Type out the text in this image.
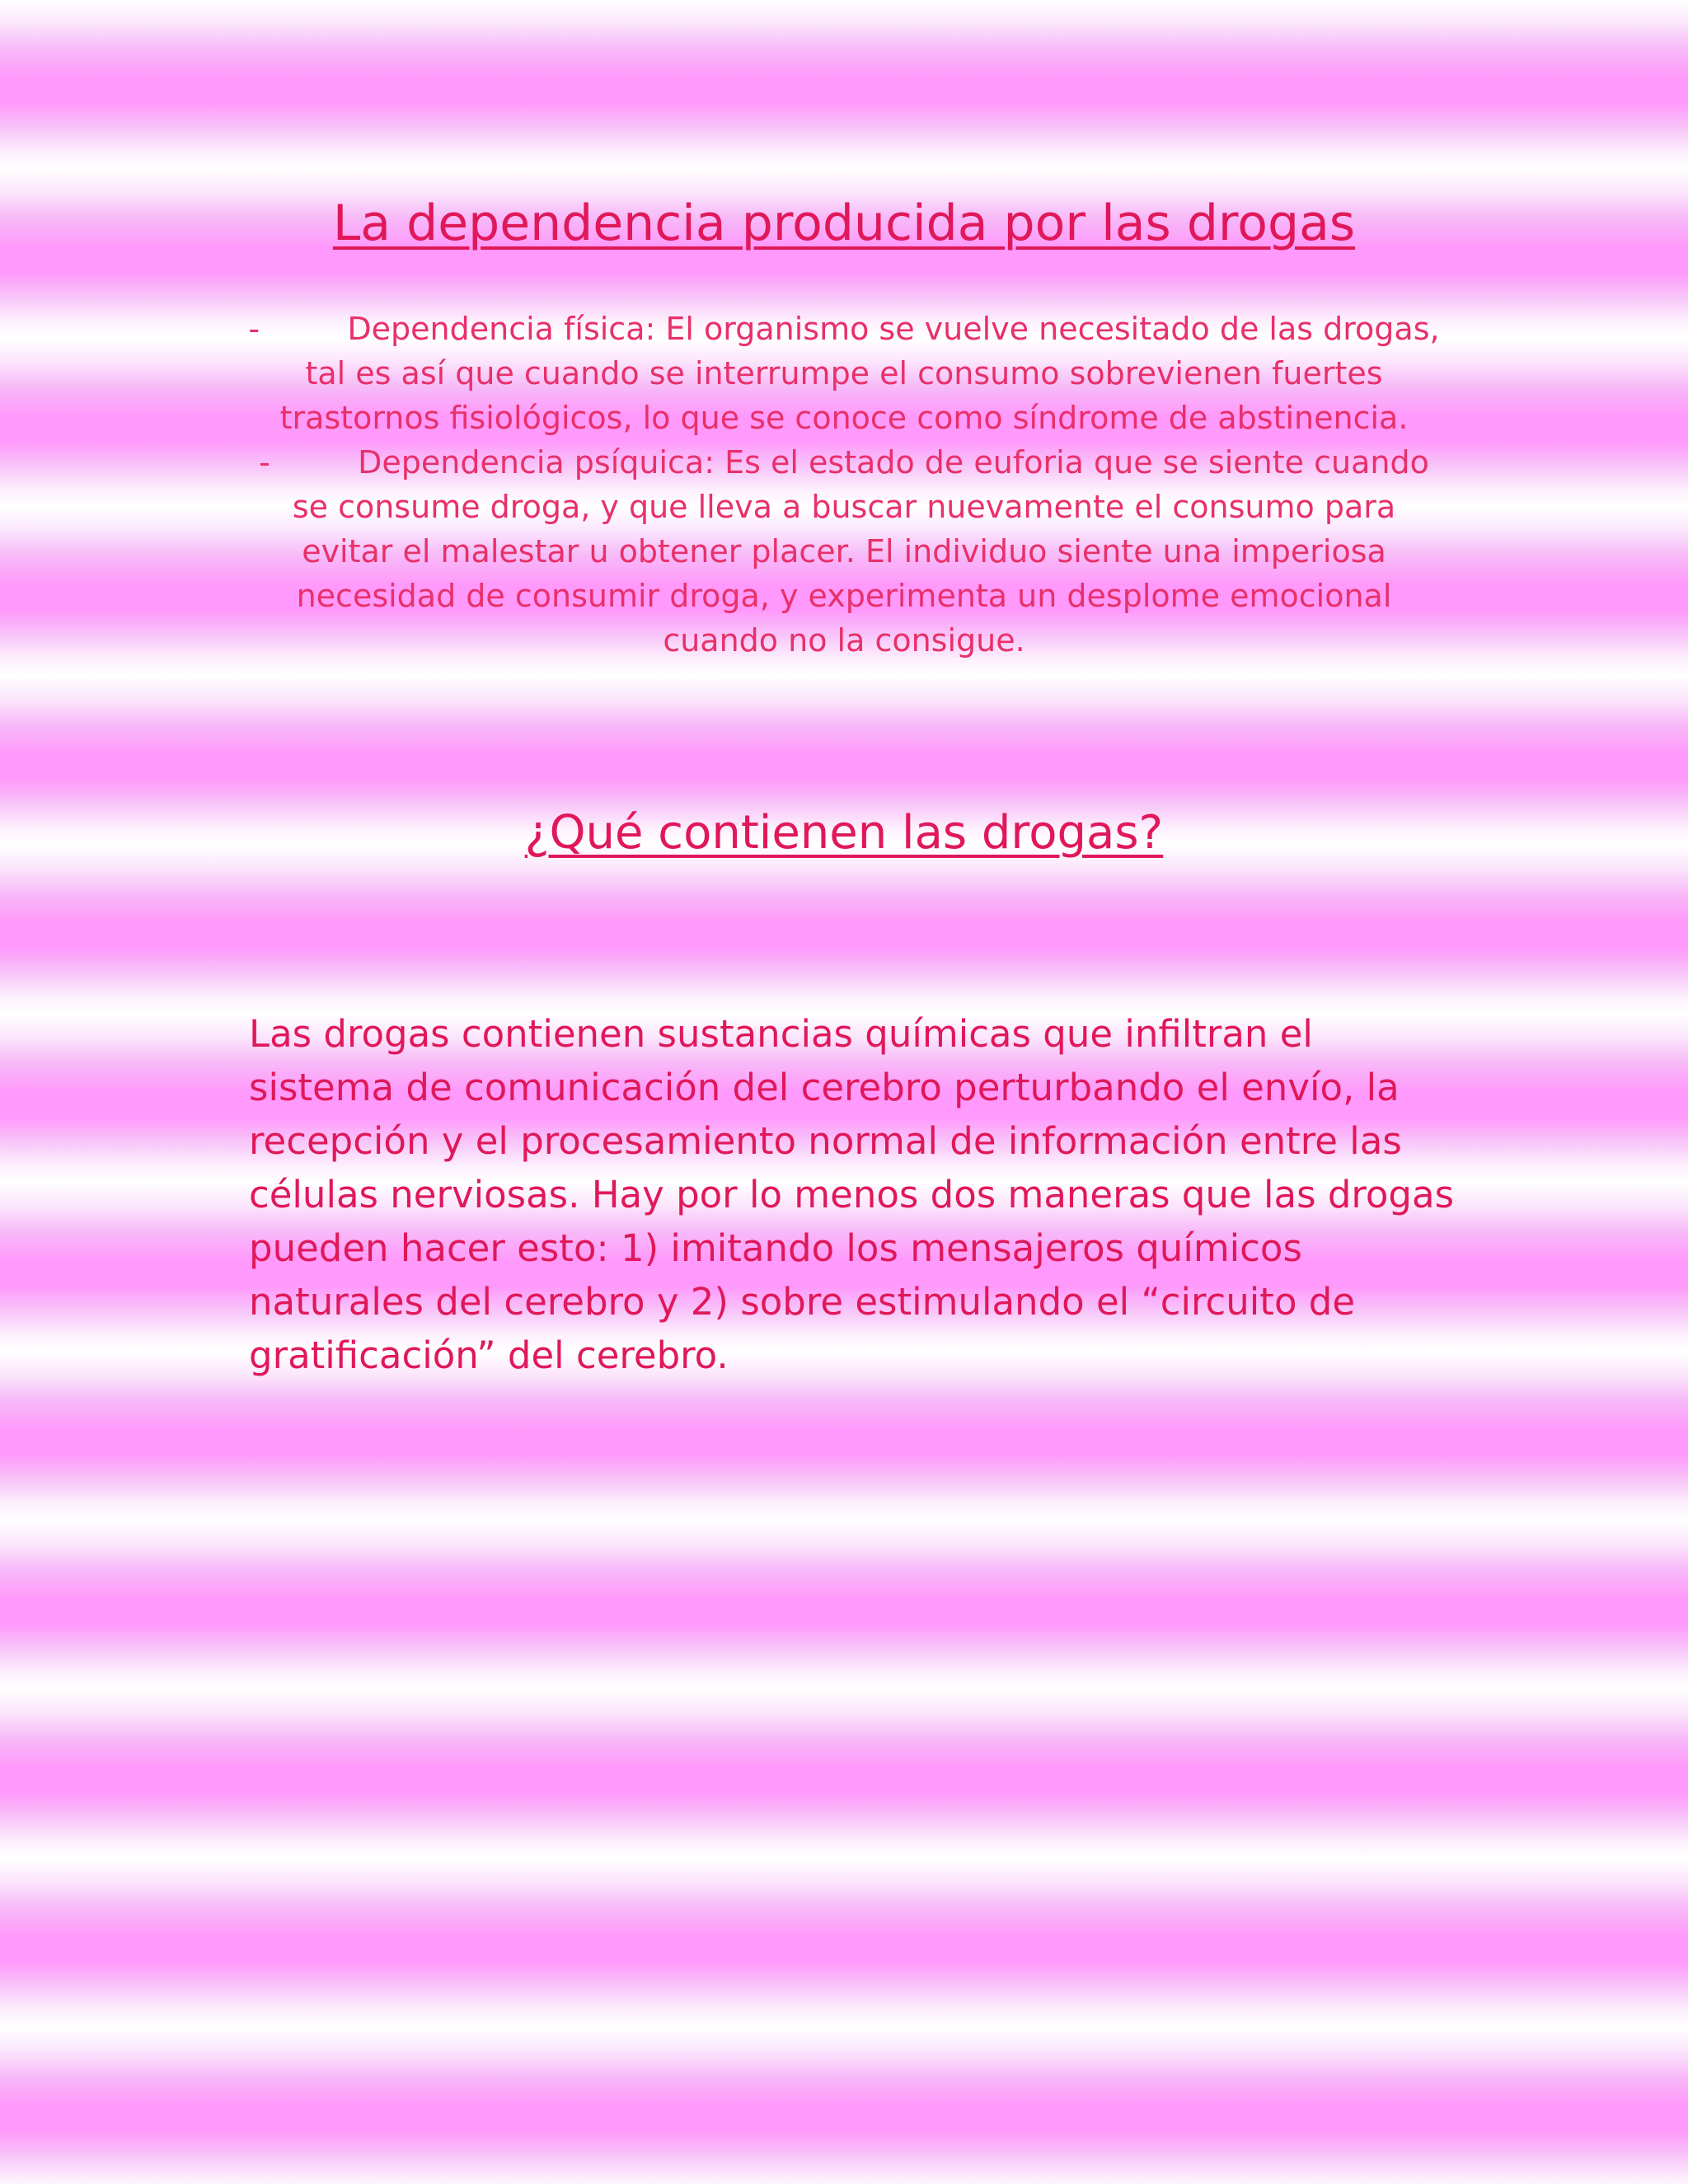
La dependencia producida por las drogas

-	Dependencia física: El organismo se vuelve necesitado de las drogas, tal es así que cuando se interrumpe el consumo sobrevienen fuertes trastornos fisiológicos, lo que se conoce como síndrome de abstinencia.

-	Dependencia psíquica: Es el estado de euforia que se siente cuando se consume droga, y que lleva a buscar nuevamente el consumo para evitar el malestar u obtener placer. El individuo siente una imperiosa necesidad de consumir droga, y experimenta un desplome emocional cuando no la consigue.

¿Qué contienen las drogas?

Las drogas contienen sustancias químicas que infiltran el sistema de comunicación del cerebro perturbando el envío, la recepción y el procesamiento normal de información entre las células nerviosas. Hay por lo menos dos maneras que las drogas pueden hacer esto: 1) imitando los mensajeros químicos naturales del cerebro y 2) sobre estimulando el “circuito de gratificación” del cerebro.
